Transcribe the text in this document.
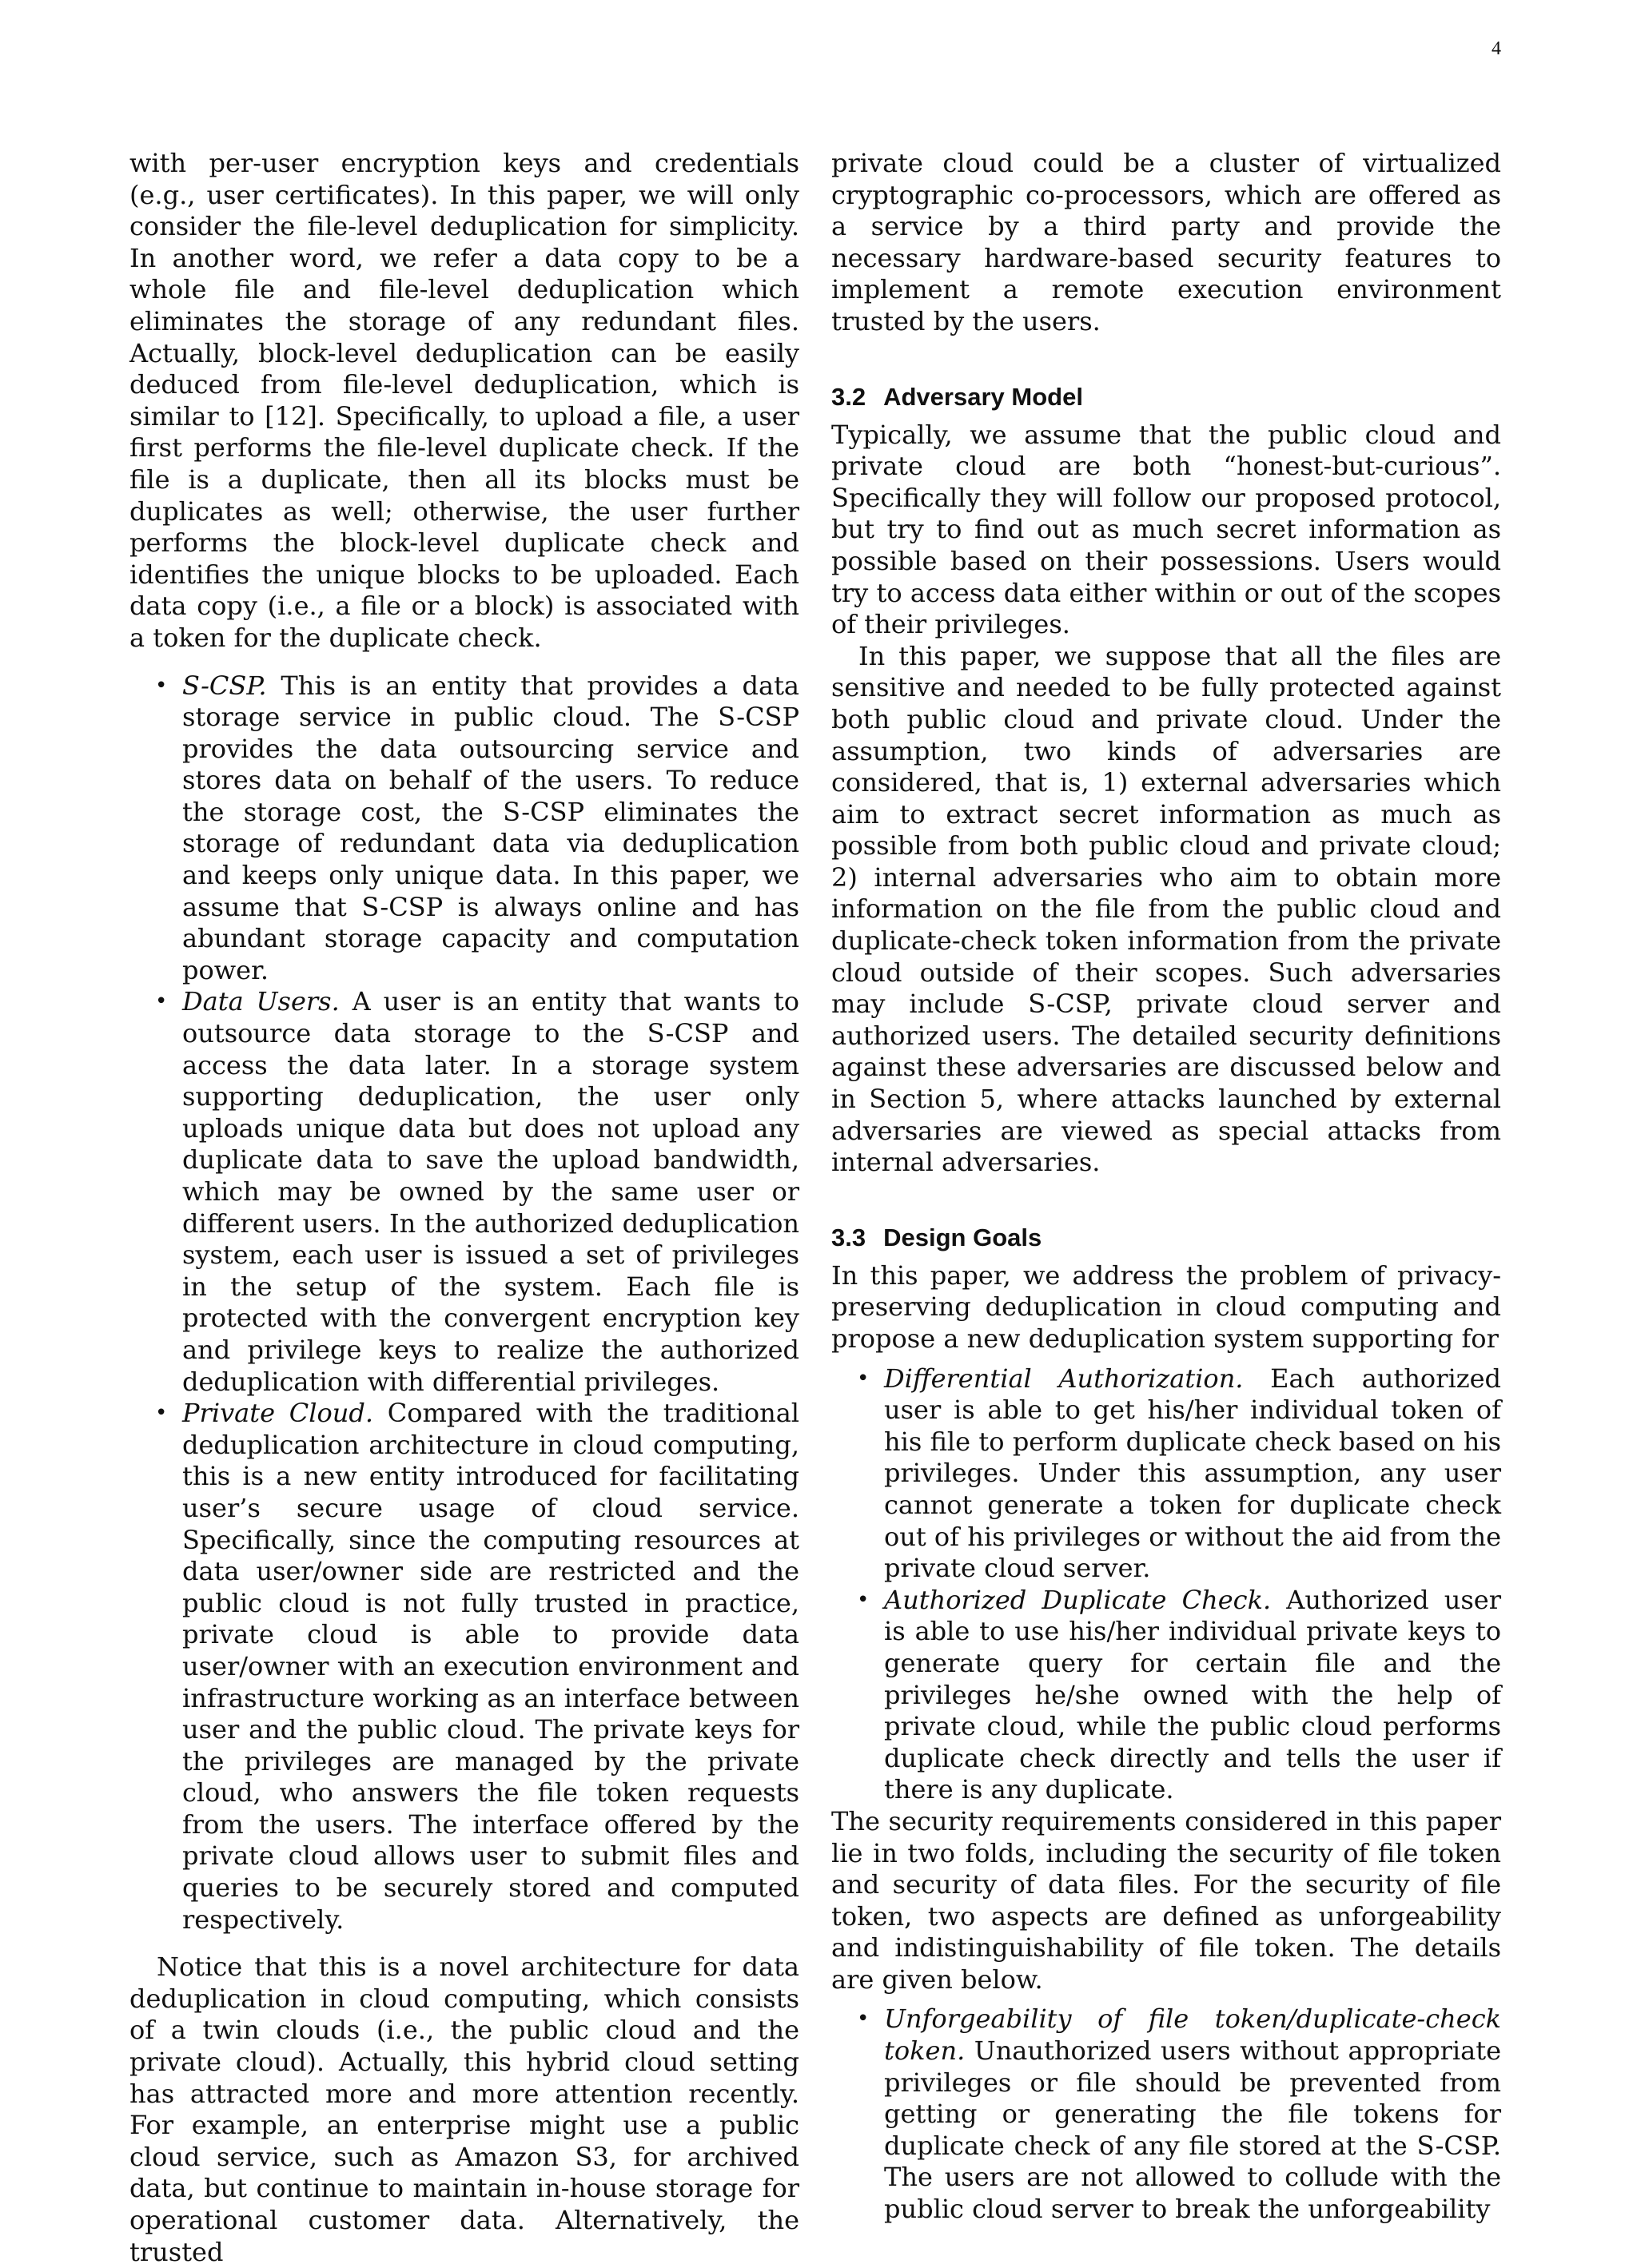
4

with per-user encryption keys and credentials (e.g., user certificates). In this paper, we will only consider the file-level deduplication for simplicity. In another word, we refer a data copy to be a whole file and file-level deduplication which eliminates the storage of any redundant files. Actually, block-level deduplication can be easily deduced from file-level deduplication, which is similar to [12]. Specifically, to upload a file, a user first performs the file-level duplicate check. If the file is a duplicate, then all its blocks must be duplicates as well; otherwise, the user further performs the block-level duplicate check and identifies the unique blocks to be uploaded. Each data copy (i.e., a file or a block) is associated with a token for the duplicate check.

• S-CSP. This is an entity that provides a data storage service in public cloud. The S-CSP provides the data outsourcing service and stores data on behalf of the users. To reduce the storage cost, the S-CSP eliminates the storage of redundant data via deduplication and keeps only unique data. In this paper, we assume that S-CSP is always online and has abundant storage capacity and computation power.
• Data Users. A user is an entity that wants to outsource data storage to the S-CSP and access the data later. In a storage system supporting deduplication, the user only uploads unique data but does not upload any duplicate data to save the upload bandwidth, which may be owned by the same user or different users. In the authorized deduplication system, each user is issued a set of privileges in the setup of the system. Each file is protected with the convergent encryption key and privilege keys to realize the authorized deduplication with differential privileges.
• Private Cloud. Compared with the traditional deduplication architecture in cloud computing, this is a new entity introduced for facilitating user’s secure usage of cloud service. Specifically, since the computing resources at data user/owner side are restricted and the public cloud is not fully trusted in practice, private cloud is able to provide data user/owner with an execution environment and infrastructure working as an interface between user and the public cloud. The private keys for the privileges are managed by the private cloud, who answers the file token requests from the users. The interface offered by the private cloud allows user to submit files and queries to be securely stored and computed respectively.

Notice that this is a novel architecture for data deduplication in cloud computing, which consists of a twin clouds (i.e., the public cloud and the private cloud). Actually, this hybrid cloud setting has attracted more and more attention recently. For example, an enterprise might use a public cloud service, such as Amazon S3, for archived data, but continue to maintain in-house storage for operational customer data. Alternatively, the trusted

private cloud could be a cluster of virtualized cryptographic co-processors, which are offered as a service by a third party and provide the necessary hardware-based security features to implement a remote execution environment trusted by the users.

3.2 Adversary Model

Typically, we assume that the public cloud and private cloud are both “honest-but-curious”. Specifically they will follow our proposed protocol, but try to find out as much secret information as possible based on their possessions. Users would try to access data either within or out of the scopes of their privileges.

In this paper, we suppose that all the files are sensitive and needed to be fully protected against both public cloud and private cloud. Under the assumption, two kinds of adversaries are considered, that is, 1) external adversaries which aim to extract secret information as much as possible from both public cloud and private cloud; 2) internal adversaries who aim to obtain more information on the file from the public cloud and duplicate-check token information from the private cloud outside of their scopes. Such adversaries may include S-CSP, private cloud server and authorized users. The detailed security definitions against these adversaries are discussed below and in Section 5, where attacks launched by external adversaries are viewed as special attacks from internal adversaries.

3.3 Design Goals

In this paper, we address the problem of privacy-preserving deduplication in cloud computing and propose a new deduplication system supporting for

• Differential Authorization. Each authorized user is able to get his/her individual token of his file to perform duplicate check based on his privileges. Under this assumption, any user cannot generate a token for duplicate check out of his privileges or without the aid from the private cloud server.
• Authorized Duplicate Check. Authorized user is able to use his/her individual private keys to generate query for certain file and the privileges he/she owned with the help of private cloud, while the public cloud performs duplicate check directly and tells the user if there is any duplicate.

The security requirements considered in this paper lie in two folds, including the security of file token and security of data files. For the security of file token, two aspects are defined as unforgeability and indistinguishability of file token. The details are given below.

• Unforgeability of file token/duplicate-check token. Unauthorized users without appropriate privileges or file should be prevented from getting or generating the file tokens for duplicate check of any file stored at the S-CSP. The users are not allowed to collude with the public cloud server to break the unforgeability
